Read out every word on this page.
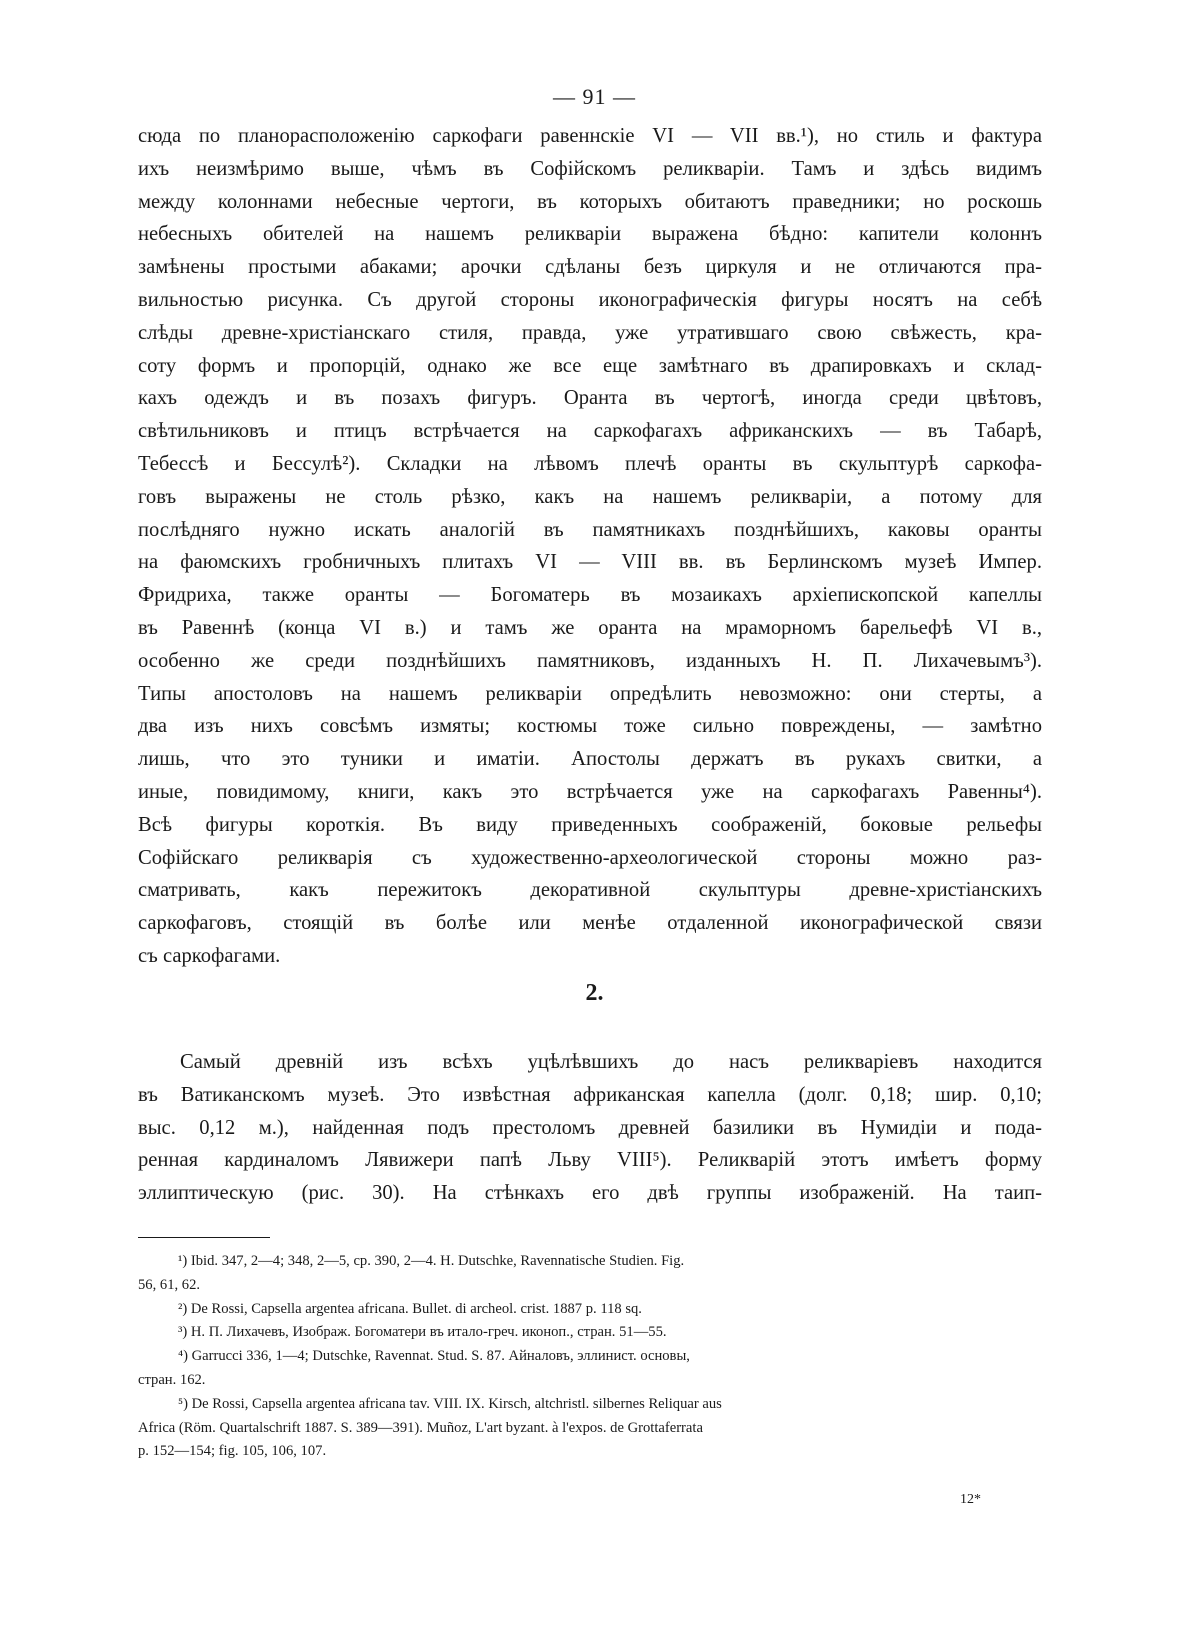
— 91 —
сюда по планорасположенію саркофаги равеннскіе VI — VII вв.¹), но стиль и фактура
ихъ неизмѣримо выше, чѣмъ въ Софійскомъ реликваріи. Тамъ и здѣсь видимъ
между колоннами небесные чертоги, въ которыхъ обитаютъ праведники; но роскошь
небесныхъ обителей на нашемъ реликваріи выражена бѣдно: капители колоннъ
замѣнены простыми абаками; арочки сдѣланы безъ циркуля и не отличаются пра-
вильностью рисунка. Съ другой стороны иконографическія фигуры носятъ на себѣ
слѣды древне-христіанскаго стиля, правда, уже утратившаго свою свѣжесть, кра-
соту формъ и пропорцій, однако же все еще замѣтнаго въ драпировкахъ и склад-
кахъ одеждъ и въ позахъ фигуръ. Оранта въ чертогѣ, иногда среди цвѣтовъ,
свѣтильниковъ и птицъ встрѣчается на саркофагахъ африканскихъ — въ Табарѣ,
Тебессѣ и Бессулѣ²). Складки на лѣвомъ плечѣ оранты въ скульптурѣ саркофа-
говъ выражены не столь рѣзко, какъ на нашемъ реликваріи, а потому для
послѣдняго нужно искать аналогій въ памятникахъ позднѣйшихъ, каковы оранты
на фаюмскихъ гробничныхъ плитахъ VI — VIII вв. въ Берлинскомъ музеѣ Импер.
Фридриха, также оранты — Богоматерь въ мозаикахъ архіепископской капеллы
въ Равеннѣ (конца VI в.) и тамъ же оранта на мраморномъ барельефѣ VI в.,
особенно же среди позднѣйшихъ памятниковъ, изданныхъ Н. П. Лихачевымъ³).
Типы апостоловъ на нашемъ реликваріи опредѣлить невозможно: они стерты, а
два изъ нихъ совсѣмъ измяты; костюмы тоже сильно повреждены, — замѣтно
лишь, что это туники и иматіи. Апостолы держатъ въ рукахъ свитки, а
иные, повидимому, книги, какъ это встрѣчается уже на саркофагахъ Равенны⁴).
Всѣ фигуры короткія. Въ виду приведенныхъ соображеній, боковые рельефы
Софійскаго реликварія съ художественно-археологической стороны можно раз-
сматривать, какъ пережитокъ декоративной скульптуры древне-христіанскихъ
саркофаговъ, стоящій въ болѣе или менѣе отдаленной иконографической связи
съ саркофагами.
2.
Самый древній изъ всѣхъ уцѣлѣвшихъ до насъ реликваріевъ находится
въ Ватиканскомъ музеѣ. Это извѣстная африканская капелла (долг. 0,18; шир. 0,10;
выс. 0,12 м.), найденная подъ престоломъ древней базилики въ Нумидіи и пода-
ренная кардиналомъ Лявижери папѣ Льву VIII⁵). Реликварій этотъ имѣетъ форму
эллиптическую (рис. 30). На стѣнкахъ его двѣ группы изображеній. На таип-
¹) Ibid. 347, 2—4; 348, 2—5, ср. 390, 2—4. H. Dutschke, Ravennatische Studien. Fig.
56, 61, 62.
²) De Rossi, Capsella argentea africana. Bullet. di archeol. crist. 1887 p. 118 sq.
³) Н. П. Лихачевъ, Изображ. Богоматери въ итало-греч. иконоп., стран. 51—55.
⁴) Garrucci 336, 1—4; Dutschke, Ravennat. Stud. S. 87. Айналовъ, эллинист. основы,
стран. 162.
⁵) De Rossi, Capsella argentea africana tav. VIII. IX. Kirsch, altchristl. silbernes Reliquar aus
Africa (Röm. Quartalschrift 1887. S. 389—391). Muñoz, L'art byzant. à l'expos. de Grottaferrata
p. 152—154; fig. 105, 106, 107.
12*
